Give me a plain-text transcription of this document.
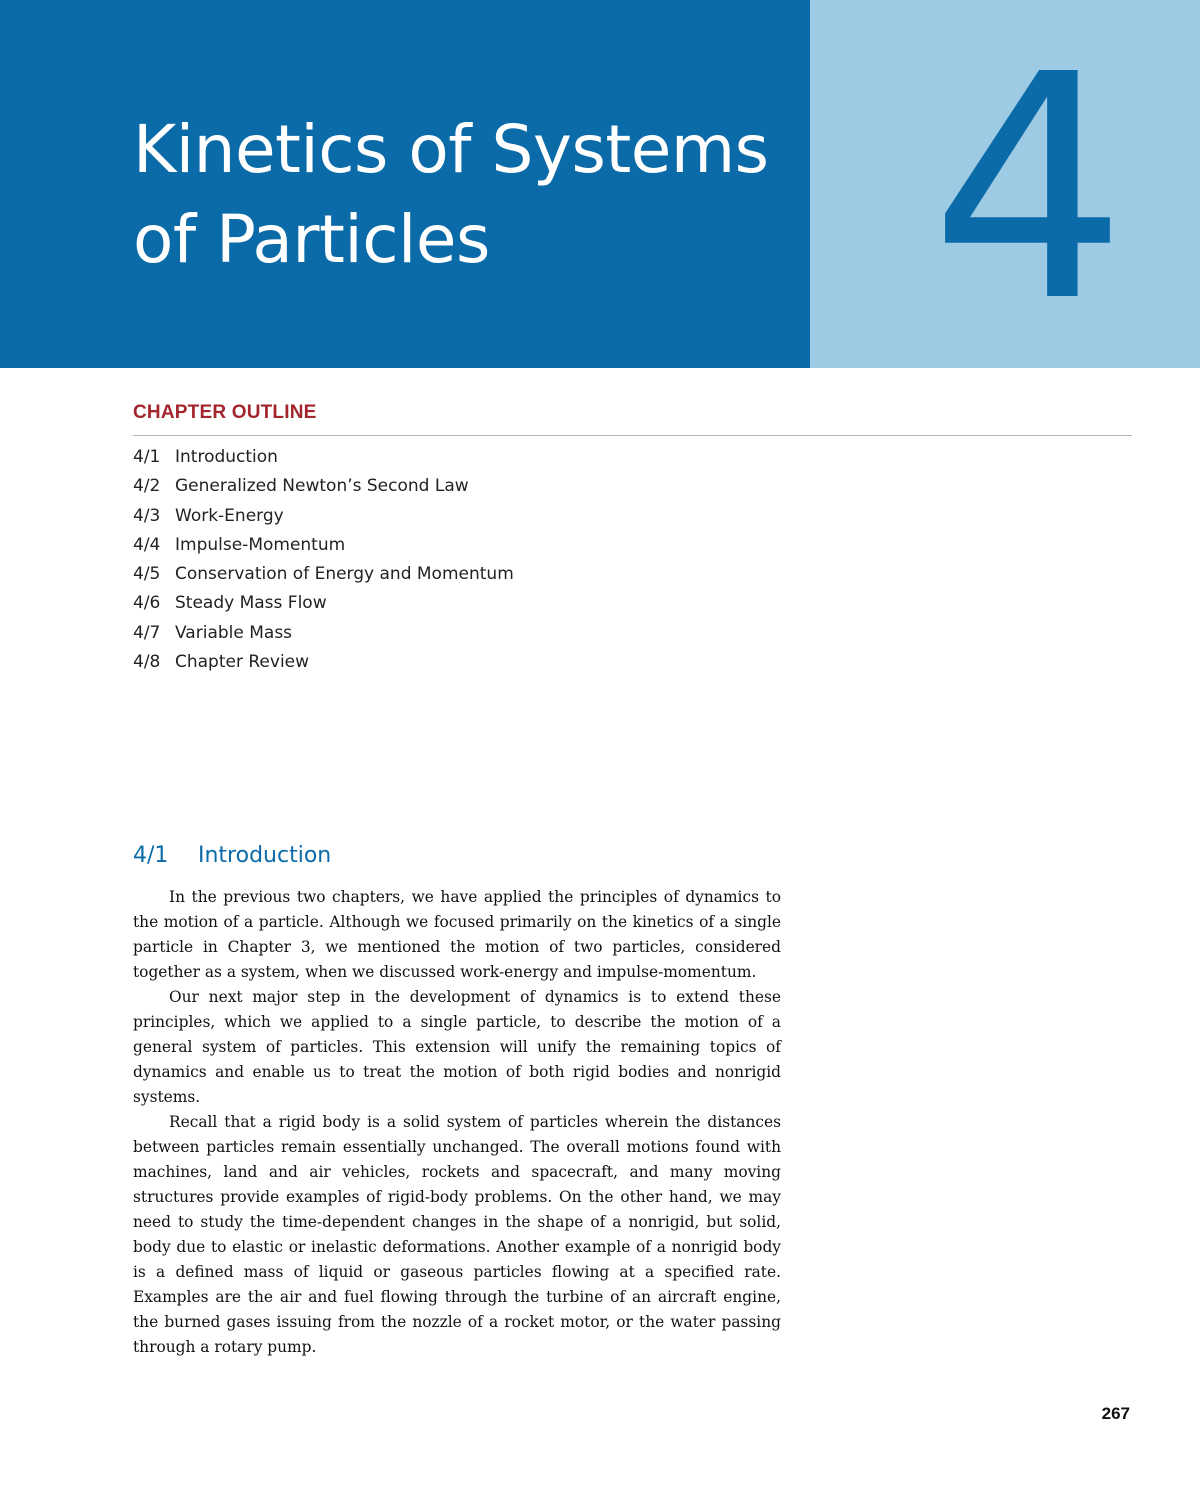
Kinetics of Systems
of Particles	4
CHAPTER OUTLINE
4/1 Introduction
4/2 Generalized Newton’s Second Law
4/3 Work-Energy
4/4 Impulse-Momentum
4/5 Conservation of Energy and Momentum
4/6 Steady Mass Flow
4/7 Variable Mass
4/8 Chapter Review
4/1 Introduction

In the previous two chapters, we have applied the principles of dynamics to the motion of a particle. Although we focused primarily on the kinetics of a single particle in Chapter 3, we mentioned the motion of two particles, considered together as a system, when we discussed work-energy and impulse-momentum.

Our next major step in the development of dynamics is to extend these principles, which we applied to a single particle, to describe the motion of a general system of particles. This extension will unify the remaining topics of dynamics and enable us to treat the motion of both rigid bodies and nonrigid systems.

Recall that a rigid body is a solid system of particles wherein the distances between particles remain essentially unchanged. The overall motions found with machines, land and air vehicles, rockets and spacecraft, and many moving structures provide examples of rigid-body problems. On the other hand, we may need to study the time-dependent changes in the shape of a nonrigid, but solid, body due to elastic or inelastic deformations. Another example of a nonrigid body is a defined mass of liquid or gaseous particles flowing at a specified rate. Examples are the air and fuel flowing through the turbine of an aircraft engine, the burned gases issuing from the nozzle of a rocket motor, or the water passing through a rotary pump.

267
